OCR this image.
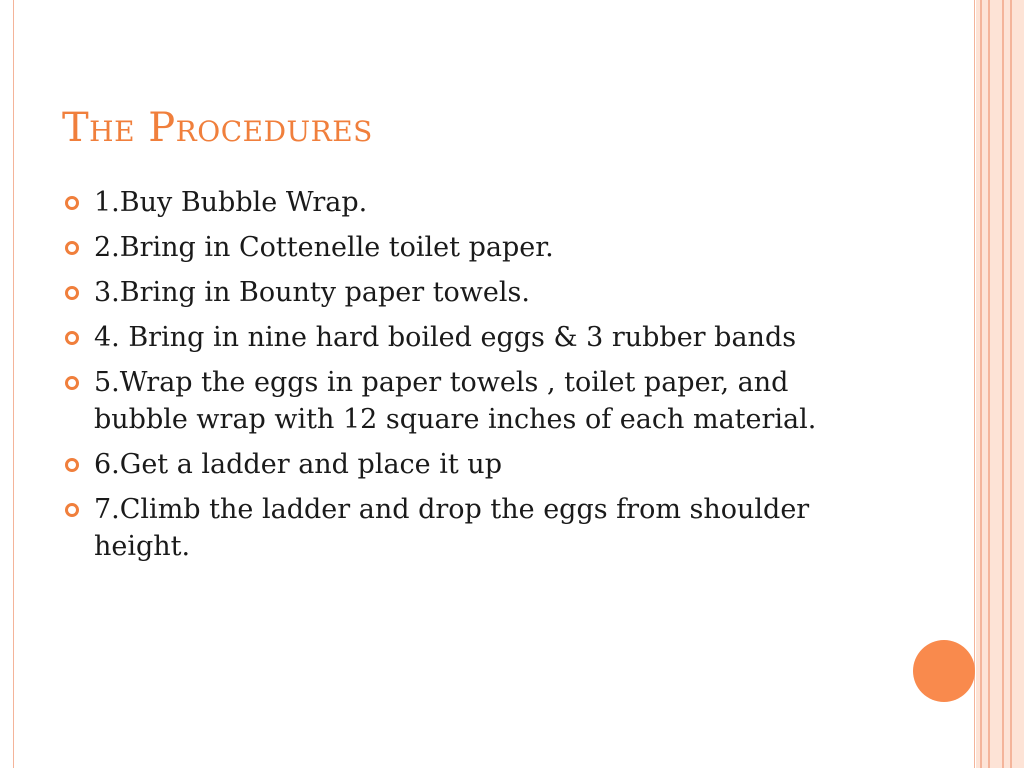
The Procedures
1.Buy Bubble Wrap.
2.Bring in Cottenelle toilet paper.
3.Bring in Bounty paper towels.
4. Bring in nine hard boiled eggs & 3 rubber bands
5.Wrap the eggs in paper towels , toilet paper, and bubble wrap with 12 square inches of each material.
6.Get a ladder and place it up
7.Climb the ladder and drop the eggs from shoulder height.
